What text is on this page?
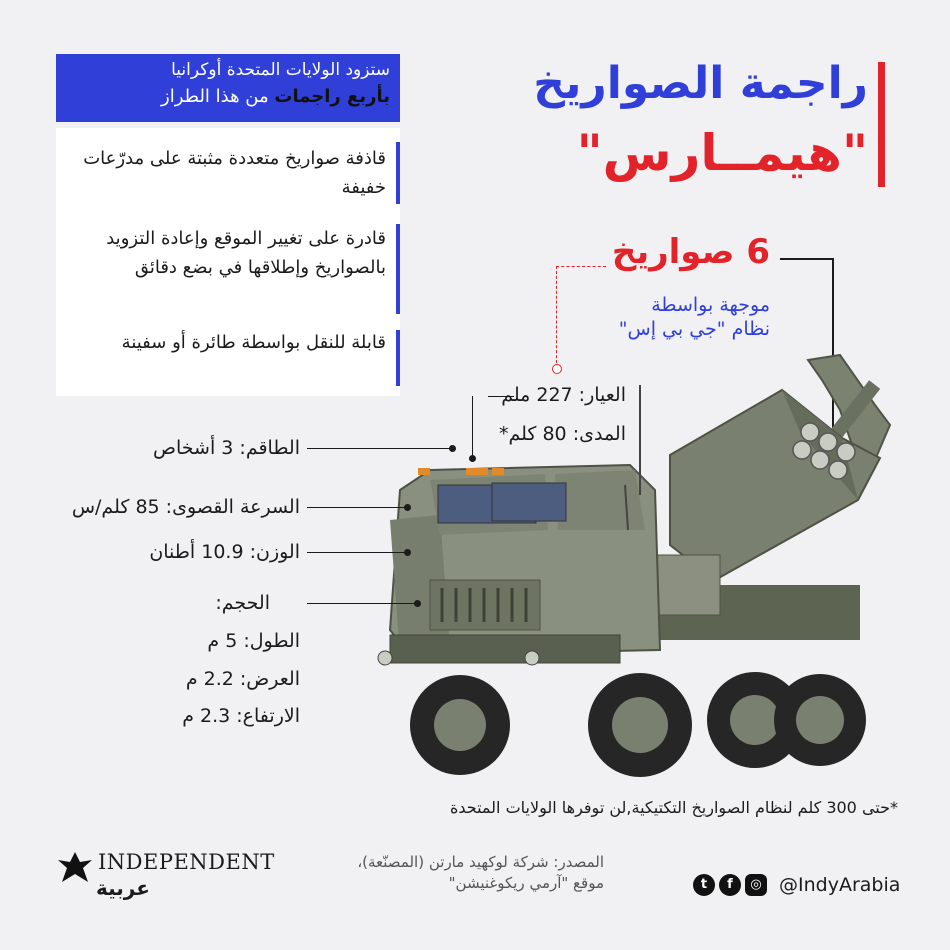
راجمة الصواريخ
"هيمــارس"
ستزود الولايات المتحدة أوكرانيا
بأربع راجمات من هذا الطراز
قاذفة صواريخ متعددة مثبتة على مدرّعات خفيفة
قادرة على تغيير الموقع وإعادة التزويد بالصواريخ وإطلاقها في بضع دقائق
قابلة للنقل بواسطة طائرة أو سفينة
6 صواريخ
موجهة بواسطة
نظام "جي بي إس"
العيار: 227 ملم
المدى: 80 كلم*
الطاقم: 3 أشخاص
السرعة القصوى: 85 كلم/س
الوزن: 10.9 أطنان
الحجم:
الطول: 5 م
العرض: 2.2 م
الارتفاع: 2.3 م
*حتى 300 كلم لنظام الصواريخ التكتيكية,لن توفرها الولايات المتحدة
INDEPENDENT
عربية
المصدر: شركة لوكهيد مارتن (المصنّعة)،
موقع "آرمي ريكوغنيشن"	t	f	◎ @IndyArabia
